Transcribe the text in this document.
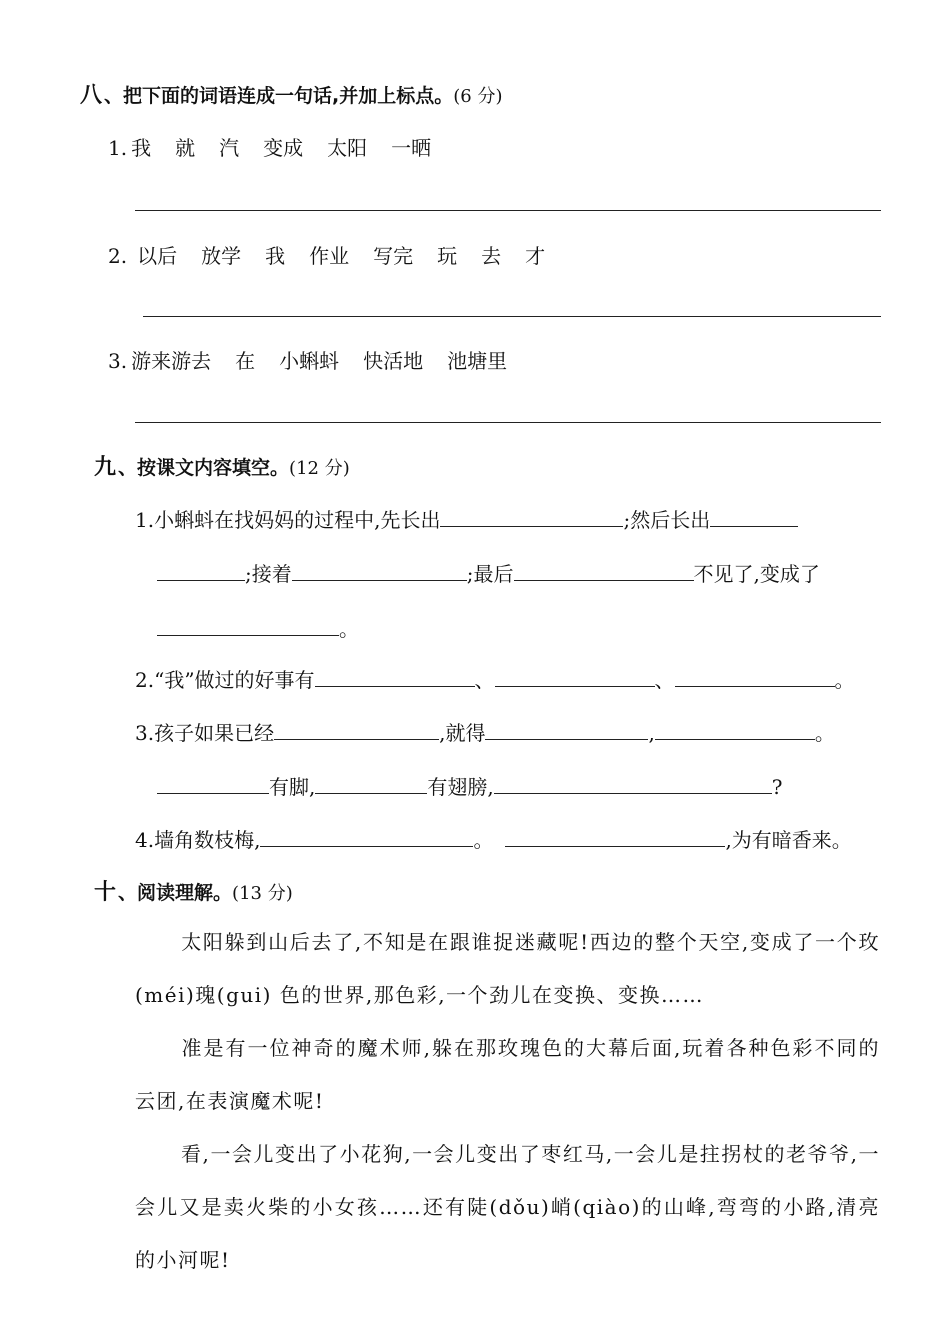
八 、把下面的词语连成一句话,并加上标点。(6 分)
1. 我 就 汽 变成 太阳 一晒
2. 以后 放学 我 作业 写完 玩 去 才
3. 游来游去 在 小蝌蚪 快活地 池塘里
九 、按课文内容填空。(12 分)
1.小蝌蚪在找妈妈的过程中,先长出	;然后长出
;接着	;最后	不见了,变成了
。
2.“我”做过的好事有	、	、	。
3.孩子如果已经	,就得	,	。
有脚,	有翅膀,	?
4.墙角数枝梅,	。	,为有暗香来。
十 、阅读理解。(13 分)
太阳躲到山后去了,不知是在跟谁捉迷藏呢!西边的整个天空,变成了一个玫(méi)瑰(gui) 色的世界,那色彩,一个劲儿在变换、变换……
准是有一位神奇的魔术师,躲在那玫瑰色的大幕后面,玩着各种色彩不同的云团,在表演魔术呢!
看,一会儿变出了小花狗,一会儿变出了枣红马,一会儿是拄拐杖的老爷爷,一会儿又是卖火柴的小女孩……还有陡(dǒu)峭(qiào)的山峰,弯弯的小路,清亮的小河呢!
